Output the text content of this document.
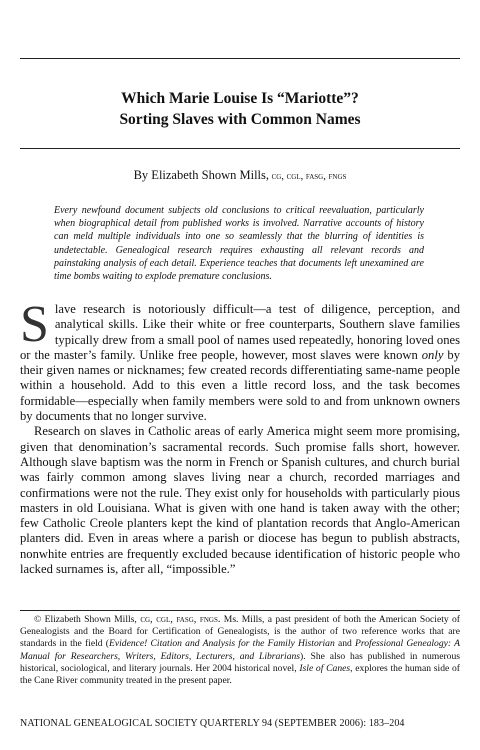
Which Marie Louise Is “Mariotte”?
Sorting Slaves with Common Names
By Elizabeth Shown Mills, cg, cgl, fasg, fngs
Every newfound document subjects old conclusions to critical reevaluation, particularly when biographical detail from published works is involved. Narrative accounts of history can meld multiple individuals into one so seamlessly that the blurring of identities is undetectable. Genealogical research requires exhausting all relevant records and painstaking analysis of each detail. Experience teaches that documents left unexamined are time bombs waiting to explode premature conclusions.

Slave research is notoriously difficult—a test of diligence, perception, and analytical skills. Like their white or free counterparts, Southern slave families typically drew from a small pool of names used repeatedly, honoring loved ones or the master’s family. Unlike free people, however, most slaves were known only by their given names or nicknames; few created records differentiating same-name people within a household. Add to this even a little record loss, and the task becomes formidable—especially when family members were sold to and from unknown owners by documents that no longer survive.

Research on slaves in Catholic areas of early America might seem more promising, given that denomination’s sacramental records. Such promise falls short, however. Although slave baptism was the norm in French or Spanish cultures, and church burial was fairly common among slaves living near a church, recorded marriages and confirmations were not the rule. They exist only for households with particularly pious masters in old Louisiana. What is given with one hand is taken away with the other; few Catholic Creole planters kept the kind of plantation records that Anglo-American planters did. Even in areas where a parish or diocese has begun to publish abstracts, nonwhite entries are frequently excluded because identification of historic people who lacked surnames is, after all, “impossible.”

© Elizabeth Shown Mills, cg, cgl, fasg, fngs. Ms. Mills, a past president of both the American Society of Genealogists and the Board for Certification of Genealogists, is the author of two reference works that are standards in the field (Evidence! Citation and Analysis for the Family Historian and Professional Genealogy: A Manual for Researchers, Writers, Editors, Lecturers, and Librarians). She also has published in numerous historical, sociological, and literary journals. Her 2004 historical novel, Isle of Canes, explores the human side of the Cane River community treated in the present paper.

NATIONAL GENEALOGICAL SOCIETY QUARTERLY 94 (SEPTEMBER 2006): 183–204
